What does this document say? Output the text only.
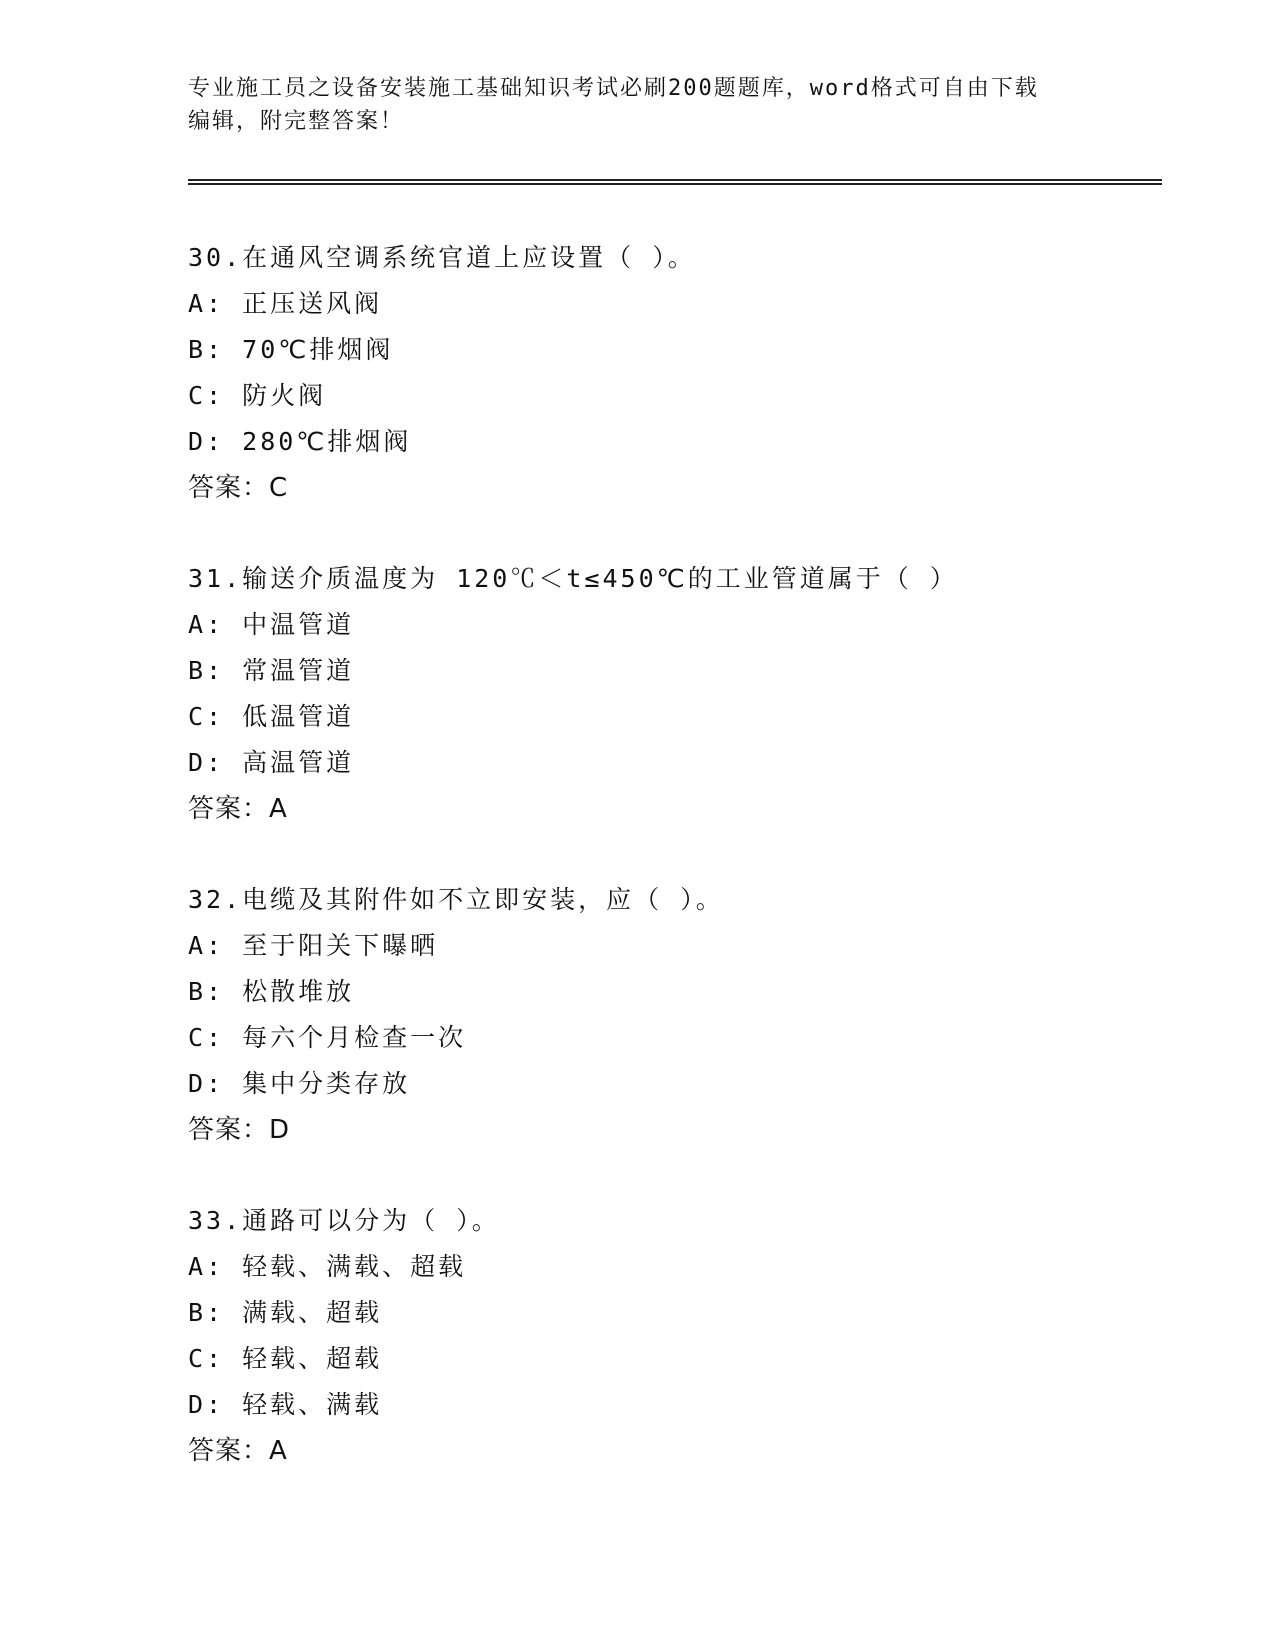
专业施工员之设备安装施工基础知识考试必刷200题题库，word格式可自由下载
编辑，附完整答案！
30.在通风空调系统官道上应设置（ ）。
A: 正压送风阀
B: 70℃排烟阀
C: 防火阀
D: 280℃排烟阀
答案：C
31.输送介质温度为 120℃＜t≤450℃的工业管道属于（ ）
A: 中温管道
B: 常温管道
C: 低温管道
D: 高温管道
答案：A
32.电缆及其附件如不立即安装，应（ ）。
A: 至于阳关下曝晒
B: 松散堆放
C: 每六个月检查一次
D: 集中分类存放
答案：D
33.通路可以分为（ ）。
A: 轻载、满载、超载
B: 满载、超载
C: 轻载、超载
D: 轻载、满载
答案：A
